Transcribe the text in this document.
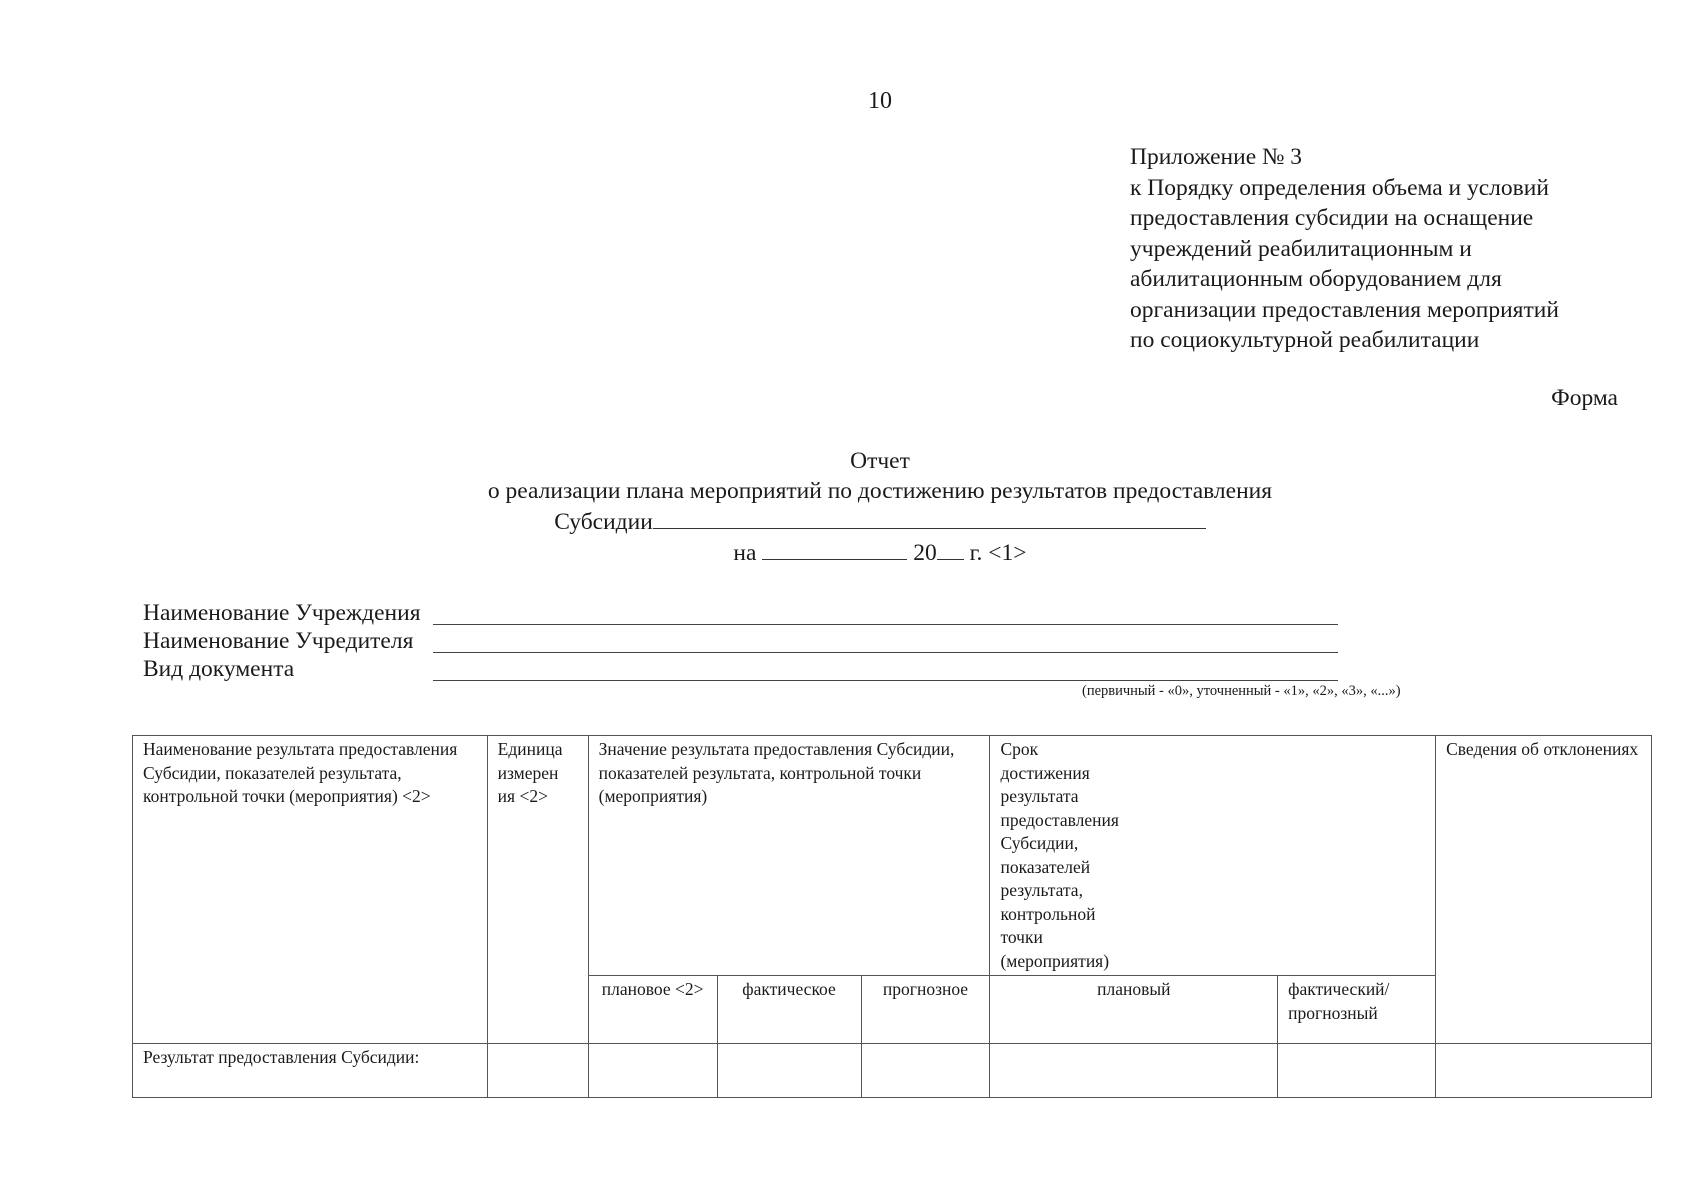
10
Приложение № 3
к Порядку определения объема и условий
предоставления субсидии на оснащение
учреждений реабилитационным и
абилитационным оборудованием для
организации предоставления мероприятий
по социокультурной реабилитации
Форма
Отчет
о реализации плана мероприятий по достижению результатов предоставления
Субсидии
на	20 г. <1>
Наименование Учреждения
Наименование Учредителя
Вид документа
(первичный - «0», уточненный - «1», «2», «3», «...»)
Наименование результата предоставления Субсидии, показателей результата, контрольной точки (мероприятия) <2>	Единица измерен ия <2>	Значение результата предоставления Субсидии, показателей результата, контрольной точки (мероприятия)			Срок достижения результата предоставления Субсидии, показателей результата, контрольной точки (мероприятия)		Сведения об отклонениях
		плановое <2>	фактическое	прогнозное	плановый	фактический/ прогнозный	
Результат предоставления Субсидии:							
